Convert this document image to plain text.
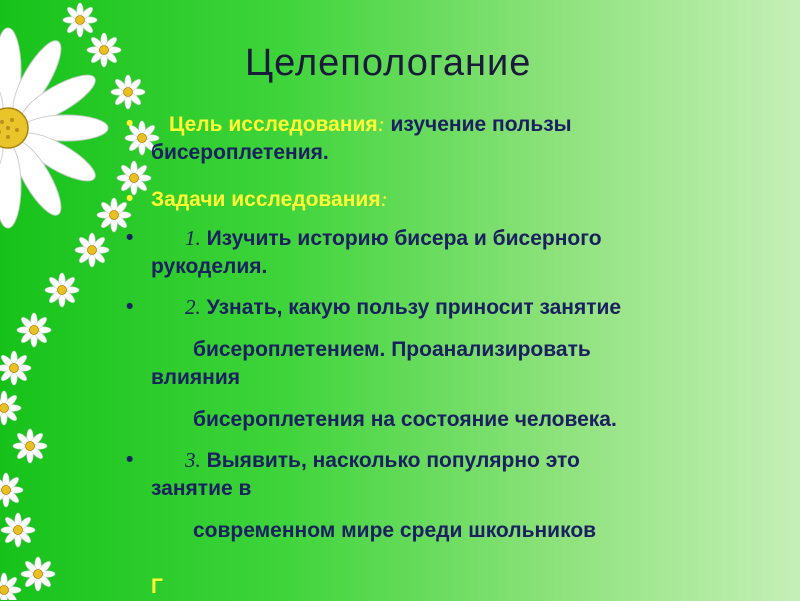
Целепологание
•	Цель исследования: изучение пользы
бисероплетения.
• Задачи исследования:
•	1. Изучить историю бисера и бисерного
рукоделия.
•	2. Узнать, какую пользу приносит занятие
бисероплетением. Проанализировать
влияния
бисероплетения на состояние человека.
•	3. Выявить, насколько популярно это
занятие в
современном мире среди школьников
Г
